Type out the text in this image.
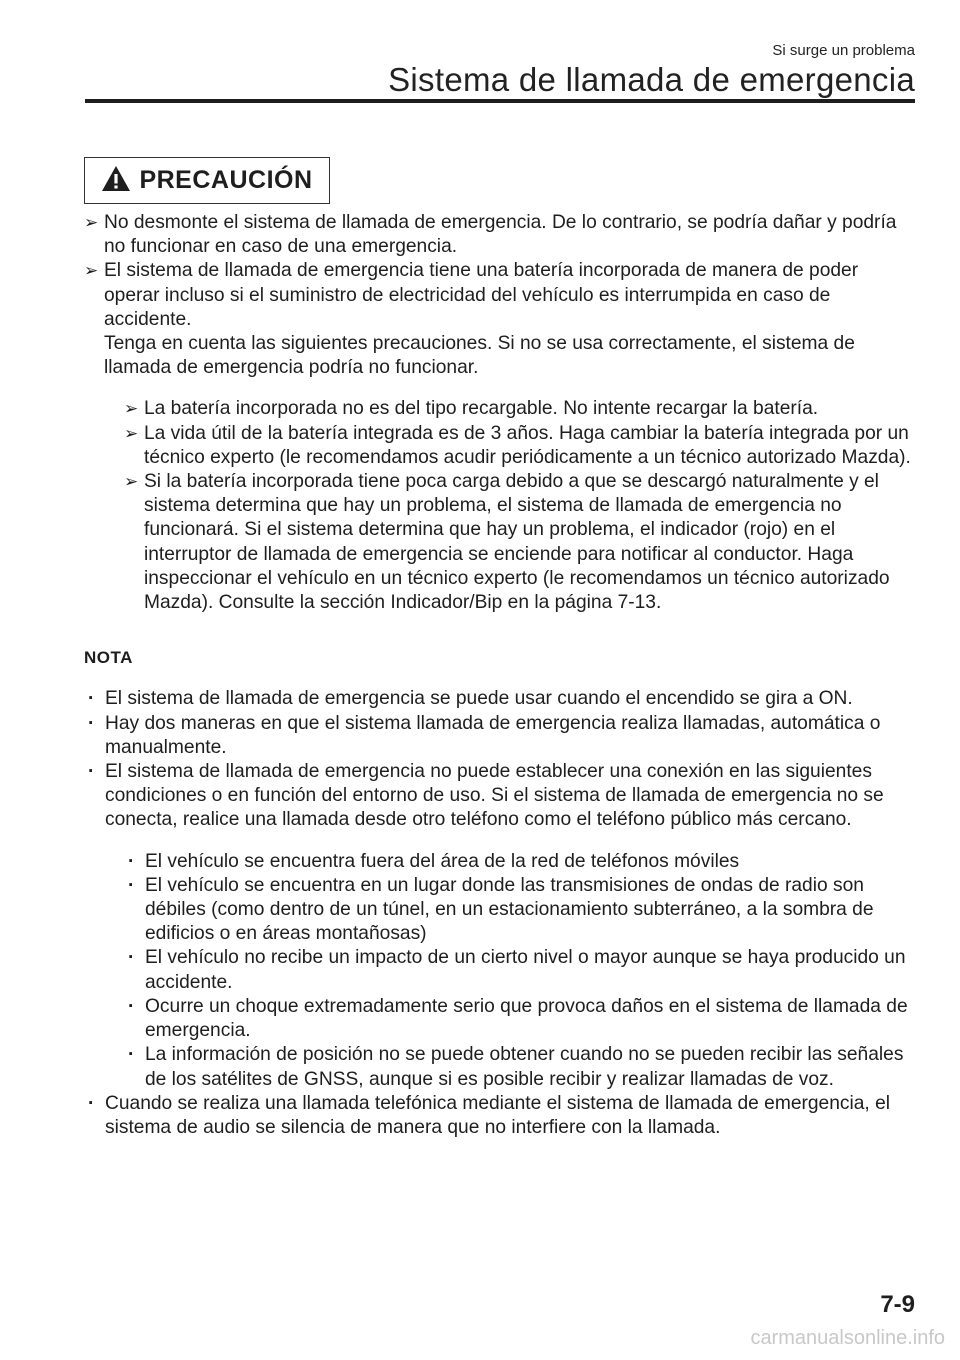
Si surge un problema
Sistema de llamada de emergencia
PRECAUCIÓN
➢ No desmonte el sistema de llamada de emergencia. De lo contrario, se podría dañar y podría no funcionar en caso de una emergencia.

➢ El sistema de llamada de emergencia tiene una batería incorporada de manera de poder operar incluso si el suministro de electricidad del vehículo es interrumpida en caso de accidente.

Tenga en cuenta las siguientes precauciones. Si no se usa correctamente, el sistema de llamada de emergencia podría no funcionar.

➢ La batería incorporada no es del tipo recargable. No intente recargar la batería.
➢ La vida útil de la batería integrada es de 3 años. Haga cambiar la batería integrada por un técnico experto (le recomendamos acudir periódicamente a un técnico autorizado Mazda).
➢ Si la batería incorporada tiene poca carga debido a que se descargó naturalmente y el sistema determina que hay un problema, el sistema de llamada de emergencia no funcionará. Si el sistema determina que hay un problema, el indicador (rojo) en el interruptor de llamada de emergencia se enciende para notificar al conductor. Haga inspeccionar el vehículo en un técnico experto (le recomendamos un técnico autorizado Mazda). Consulte la sección Indicador/Bip en la página 7-13.
NOTA
· El sistema de llamada de emergencia se puede usar cuando el encendido se gira a ON.
· Hay dos maneras en que el sistema llamada de emergencia realiza llamadas, automática o manualmente.
· El sistema de llamada de emergencia no puede establecer una conexión en las siguientes condiciones o en función del entorno de uso. Si el sistema de llamada de emergencia no se conecta, realice una llamada desde otro teléfono como el teléfono público más cercano.
· El vehículo se encuentra fuera del área de la red de teléfonos móviles
· El vehículo se encuentra en un lugar donde las transmisiones de ondas de radio son débiles (como dentro de un túnel, en un estacionamiento subterráneo, a la sombra de edificios o en áreas montañosas)
· El vehículo no recibe un impacto de un cierto nivel o mayor aunque se haya producido un accidente.
· Ocurre un choque extremadamente serio que provoca daños en el sistema de llamada de emergencia.
· La información de posición no se puede obtener cuando no se pueden recibir las señales de los satélites de GNSS, aunque si es posible recibir y realizar llamadas de voz.
· Cuando se realiza una llamada telefónica mediante el sistema de llamada de emergencia, el sistema de audio se silencia de manera que no interfiere con la llamada.
7-9
carmanualsonline.info
